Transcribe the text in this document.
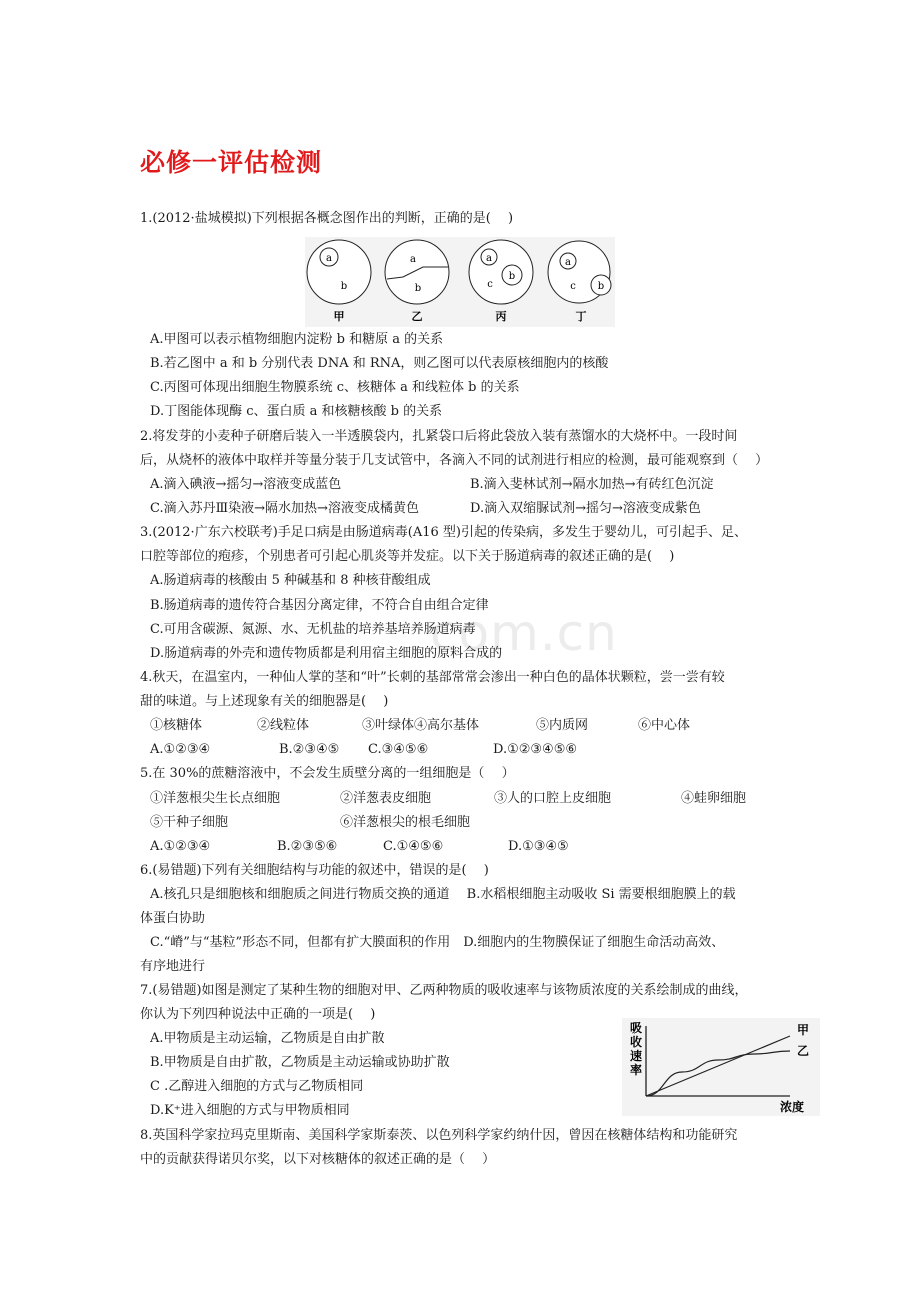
必修一评估检测
com.cn
1.(2012·盐城模拟)下列根据各概念图作出的判断，正确的是(　 )
a
b
甲
a
b
乙
a
b
c
丙
a
b
c
丁
A.甲图可以表示植物细胞内淀粉 b 和糖原 a 的关系
B.若乙图中 a 和 b 分别代表 DNA 和 RNA，则乙图可以代表原核细胞内的核酸
C.丙图可体现出细胞生物膜系统 c、核糖体 a 和线粒体 b 的关系
D.丁图能体现酶 c、蛋白质 a 和核糖核酸 b 的关系
2.将发芽的小麦种子研磨后装入一半透膜袋内，扎紧袋口后将此袋放入装有蒸馏水的大烧杯中。一段时间
后，从烧杯的液体中取样并等量分装于几支试管中，各滴入不同的试剂进行相应的检测，最可能观察到（　 ）
A.滴入碘液→摇匀→溶液变成蓝色	B.滴入斐林试剂→隔水加热→有砖红色沉淀
C.滴入苏丹Ⅲ染液→隔水加热→溶液变成橘黄色	D.滴入双缩脲试剂→摇匀→溶液变成紫色
3.(2012·广东六校联考)手足口病是由肠道病毒(A16 型)引起的传染病，多发生于婴幼儿，可引起手、足、
口腔等部位的疱疹，个别患者可引起心肌炎等并发症。以下关于肠道病毒的叙述正确的是(　 )
A.肠道病毒的核酸由 5 种碱基和 8 种核苷酸组成
B.肠道病毒的遗传符合基因分离定律，不符合自由组合定律
C.可用含碳源、氮源、水、无机盐的培养基培养肠道病毒
D.肠道病毒的外壳和遗传物质都是利用宿主细胞的原料合成的
4.秋天，在温室内，一种仙人掌的茎和“叶”长刺的基部常常会渗出一种白色的晶体状颗粒，尝一尝有较
甜的味道。与上述现象有关的细胞器是(　 )
①核糖体	②线粒体	③叶绿体④高尔基体	⑤内质网	⑥中心体
A.①②③④	B.②③④⑤ C.③④⑤⑥	D.①②③④⑤⑥
5.在 30%的蔗糖溶液中，不会发生质壁分离的一组细胞是（　 ）
①洋葱根尖生长点细胞	②洋葱表皮细胞	③人的口腔上皮细胞	④蛙卵细胞
⑤干种子细胞	⑥洋葱根尖的根毛细胞
A.①②③④	B.②③⑤⑥	C.①④⑤⑥	D.①③④⑤
6.(易错题)下列有关细胞结构与功能的叙述中，错误的是(　 )
A.核孔只是细胞核和细胞质之间进行物质交换的通道　 B.水稻根细胞主动吸收 Si 需要根细胞膜上的载
体蛋白协助
C.“嵴”与“基粒”形态不同，但都有扩大膜面积的作用　D.细胞内的生物膜保证了细胞生命活动高效、
有序地进行
7.(易错题)如图是测定了某种生物的细胞对甲、乙两种物质的吸收速率与该物质浓度的关系绘制成的曲线，
你认为下列四种说法中正确的一项是(　 )
A.甲物质是主动运输，乙物质是自由扩散
B.甲物质是自由扩散，乙物质是主动运输或协助扩散
C .乙醇进入细胞的方式与乙物质相同
D.K⁺进入细胞的方式与甲物质相同
吸
收
速
率
浓度
甲
乙
8.英国科学家拉玛克里斯南、美国科学家斯泰茨、以色列科学家约纳什因，曾因在核糖体结构和功能研究
中的贡献获得诺贝尔奖，以下对核糖体的叙述正确的是（　 ）
